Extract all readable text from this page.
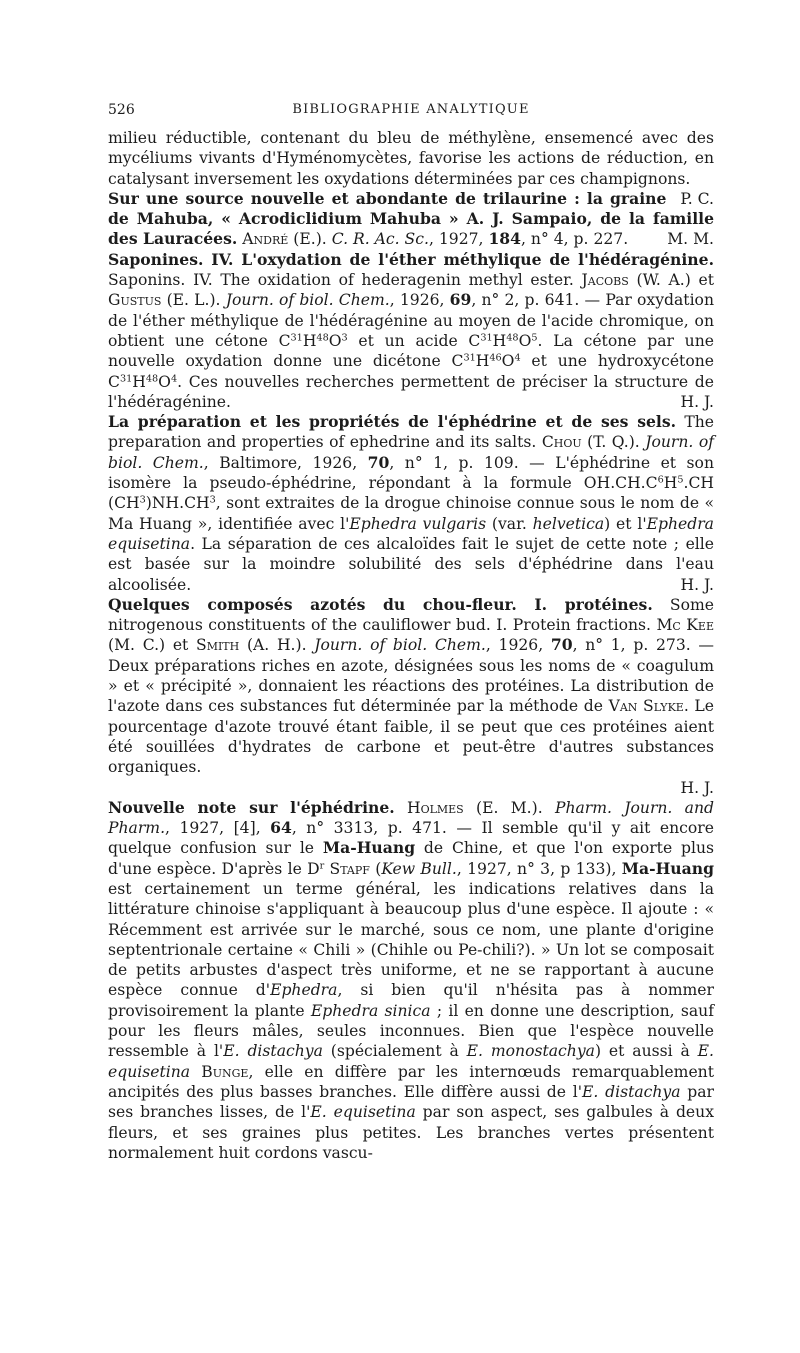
526	BIBLIOGRAPHIE ANALYTIQUE

milieu réductible, contenant du bleu de méthylène, ensemencé avec des mycéliums vivants d'Hyménomycètes, favorise les actions de réduction, en catalysant inversement les oxydations déterminées par ces champignons.
P. C.

Sur une source nouvelle et abondante de trilaurine : la graine de Mahuba, « Acrodiclidium Mahuba » A. J. Sampaio, de la famille des Lauracées. André (E.). C. R. Ac. Sc., 1927, 184, n° 4, p. 227.	M. M.

Saponines. IV. L'oxydation de l'éther méthylique de l'hédéragénine. Saponins. IV. The oxidation of hederagenin methyl ester. Jacobs (W. A.) et Gustus (E. L.). Journ. of biol. Chem., 1926, 69, n° 2, p. 641. — Par oxydation de l'éther méthylique de l'hédéragénine au moyen de l'acide chromique, on obtient une cétone $C^{31}H^{48}O^3$ et un acide $C^{31}H^{48}O^5$. La cétone par une nouvelle oxydation donne une dicétone $C^{31}H^{46}O^4$ et une hydroxycétone $C^{31}H^{48}O^4$. Ces nouvelles recherches permettent de préciser la structure de l'hédéragénine.	H. J.

La préparation et les propriétés de l'éphédrine et de ses sels. The preparation and properties of ephedrine and its salts. Chou (T. Q.). Journ. of biol. Chem., Baltimore, 1926, 70, n° 1, p. 109. — L'éphédrine et son isomère la pseudo-éphédrine, répondant à la formule $OH.CH.C^6H^5.CH$ $(CH^3)NH.CH^3$, sont extraites de la drogue chinoise connue sous le nom de « Ma Huang », identifiée avec l'Ephedra vulgaris (var. helvetica) et l'Ephedra equisetina. La séparation de ces alcaloïdes fait le sujet de cette note ; elle est basée sur la moindre solubilité des sels d'éphédrine dans l'eau alcoolisée.	H. J.

Quelques composés azotés du chou-fleur. I. protéines. Some nitrogenous constituents of the cauliflower bud. I. Protein fractions. Mc Kee (M. C.) et Smith (A. H.). Journ. of biol. Chem., 1926, 70, n° 1, p. 273. — Deux préparations riches en azote, désignées sous les noms de « coagulum » et « précipité », donnaient les réactions des protéines. La distribution de l'azote dans ces substances fut déterminée par la méthode de Van Slyke. Le pourcentage d'azote trouvé étant faible, il se peut que ces protéines aient été souillées d'hydrates de carbone et peut-être d'autres substances organiques.
H. J.

Nouvelle note sur l'éphédrine. Holmes (E. M.). Pharm. Journ. and Pharm., 1927, [4], 64, n° 3313, p. 471. — Il semble qu'il y ait encore quelque confusion sur le Ma-Huang de Chine, et que l'on exporte plus d'une espèce. D'après le $D^r$ Stapf (Kew Bull., 1927, n° 3, p 133), Ma-Huang est certainement un terme général, les indications relatives dans la littérature chinoise s'appliquant à beaucoup plus d'une espèce. Il ajoute : « Récemment est arrivée sur le marché, sous ce nom, une plante d'origine septentrionale certaine « Chili » (Chihle ou Pe-chili?). » Un lot se composait de petits arbustes d'aspect très uniforme, et ne se rapportant à aucune espèce connue d'Ephedra, si bien qu'il n'hésita pas à nommer provisoirement la plante Ephedra sinica ; il en donne une description, sauf pour les fleurs mâles, seules inconnues. Bien que l'espèce nouvelle ressemble à l'E. distachya (spécialement à E. monostachya) et aussi à E. equisetina Bunge, elle en diffère par les internœuds remarquablement ancipités des plus basses branches. Elle diffère aussi de l'E. distachya par ses branches lisses, de l'E. equisetina par son aspect, ses galbules à deux fleurs, et ses graines plus petites. Les branches vertes présentent normalement huit cordons vascu-
